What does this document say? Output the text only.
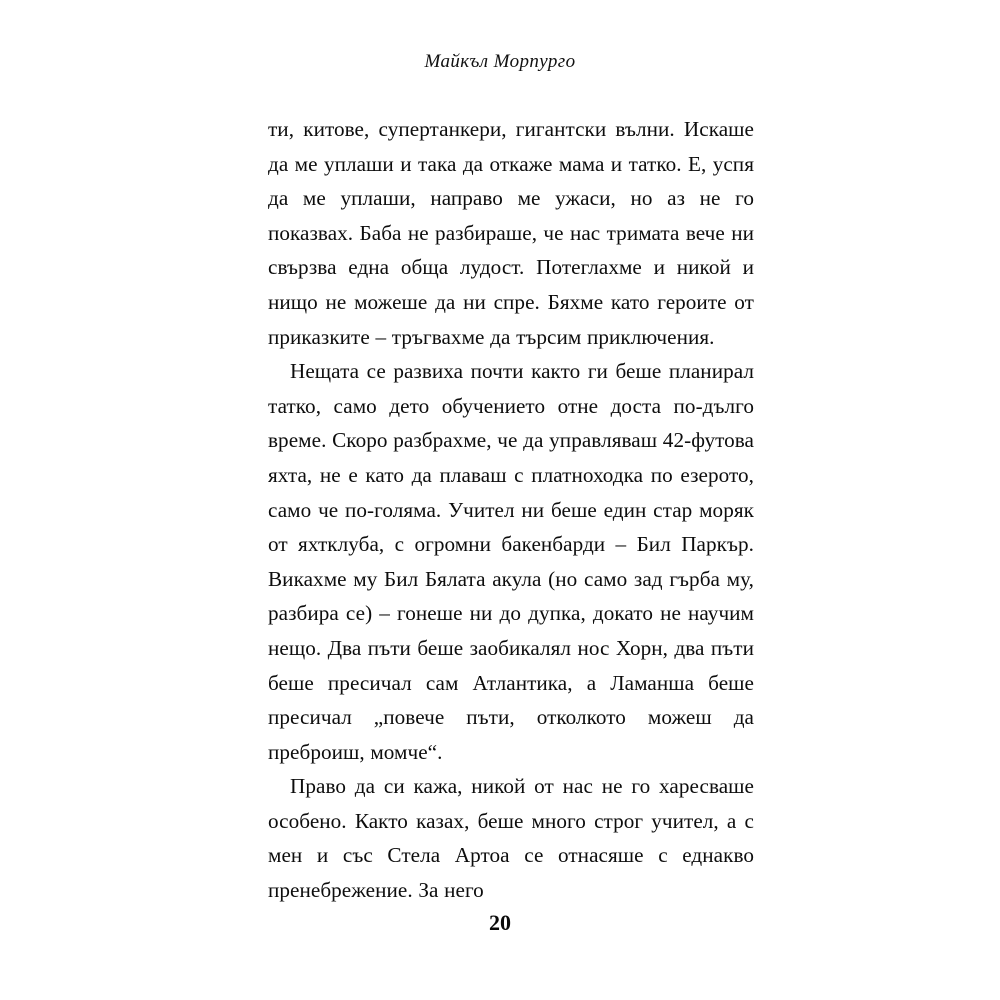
Майкъл Морпурго

ти, китове, супертанкери, гигантски вълни. Искаше да ме уплаши и така да откаже мама и татко. Е, успя да ме уплаши, направо ме ужаси, но аз не го показвах. Баба не разбираше, че нас тримата вече ни свързва една обща лудост. Потеглахме и никой и нищо не можеше да ни спре. Бяхме като героите от приказките – тръгвахме да търсим приключения.

Нещата се развиха почти както ги беше планирал татко, само дето обучението отне доста по-дълго време. Скоро разбрахме, че да управляваш 42-футова яхта, не е като да плаваш с платноходка по езерото, само че по-голяма. Учител ни беше един стар моряк от яхтклуба, с огромни бакенбарди – Бил Паркър. Викахме му Бил Бялата акула (но само зад гърба му, разбира се) – гонеше ни до дупка, докато не научим нещо. Два пъти беше заобикалял нос Хорн, два пъти беше пресичал сам Атлантика, а Ламанша беше пресичал „повече пъти, отколкото можеш да преброиш, момче“.

Право да си кажа, никой от нас не го харесваше особено. Както казах, беше много строг учител, а с мен и със Стела Артоа се отнасяше с еднакво пренебрежение. За него

20
